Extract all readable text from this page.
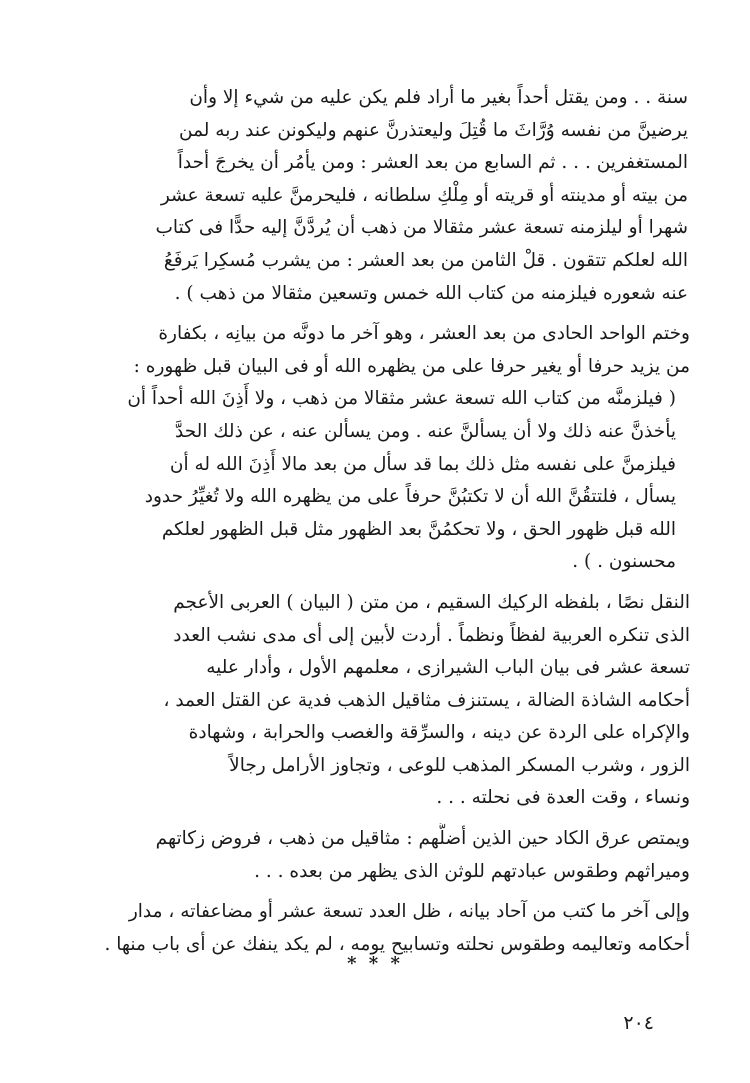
سنة . . ومن يقتل أحداً بغير ما أراد فلم يكن عليه من شيء إلا وأن
يرضينَّ من نفسه وُرَّاثَ ما قُتِلَ وليعتذرنَّ عنهم وليكونن عند ربه لمن
المستغفرين . . . ثم السابع من بعد العشر : ومن يأمُر أن يخرجَ أحداً
من بيته أو مدينته أو قريته أو مِلْكِ سلطانه ، فليحرمنَّ عليه تسعة عشر
شهرا أو ليلزمنه تسعة عشر مثقالا من ذهب أن يُردَّنَّ إليه حدًّا فى كتاب
الله لعلكم تتقون . قلْ الثامن من بعد العشر : من يشرب مُسكِرا يَرفَعُ
عنه شعوره فيلزمنه من كتاب الله خمس وتسعين مثقالا من ذهب ) .

وختم الواحد الحادى من بعد العشر ، وهو آخر ما دونَّه من بيانِه ، بكفارة
من يزيد حرفا أو يغير حرفا على من يظهره الله أو فى البيان قبل ظهوره :
( فيلزمنَّه من كتاب الله تسعة عشر مثقالا من ذهب ، ولا أَذِنَ الله أحداً أن
يأخذنَّ عنه ذلك ولا أن يسألنَّ عنه . ومن يسألن عنه ، عن ذلك الحدَّ
فيلزمنَّ على نفسه مثل ذلك بما قد سأل من بعد مالا أَذِنَ الله له أن
يسأل ، فلتتقُنَّ الله أن لا تكتبُنَّ حرفاً على من يظهره الله ولا تُغيِّرُ حدود
الله قبل ظهور الحق ، ولا تحكمُنَّ بعد الظهور مثل قبل الظهور لعلكم
محسنون . ) .

النقل نصًا ، بلفظه الركيك السقيم ، من متن ( البيان ) العربى الأعجم
الذى تنكره العربية لفظاً ونظماً . أردت لأبين إلى أى مدى نشب العدد
تسعة عشر فى بيان الباب الشيرازى ، معلمهم الأول ، وأدار عليه
أحكامه الشاذة الضالة ، يستنزف مثاقيل الذهب فدية عن القتل العمد ،
والإكراه على الردة عن دينه ، والسرِّقة والغصب والحرابة ، وشهادة
الزور ، وشرب المسكر المذهب للوعى ، وتجاوز الأرامل رجالاً
ونساء ، وقت العدة فى نحلته . . .

ويمتص عرق الكاد حين الذين أضلَّهم : مثاقيل من ذهب ، فروض زكاتهم
وميراثهم وطقوس عبادتهم للوثن الذى يظهر من بعده . . .

وإلى آخر ما كتب من آحاد بيانه ، ظل العدد تسعة عشر أو مضاعفاته ، مدار
أحكامه وتعاليمه وطقوس نحلته وتسابيح يومه ، لم يكد ينفك عن أى باب منها .

* * *
٢٠٤
